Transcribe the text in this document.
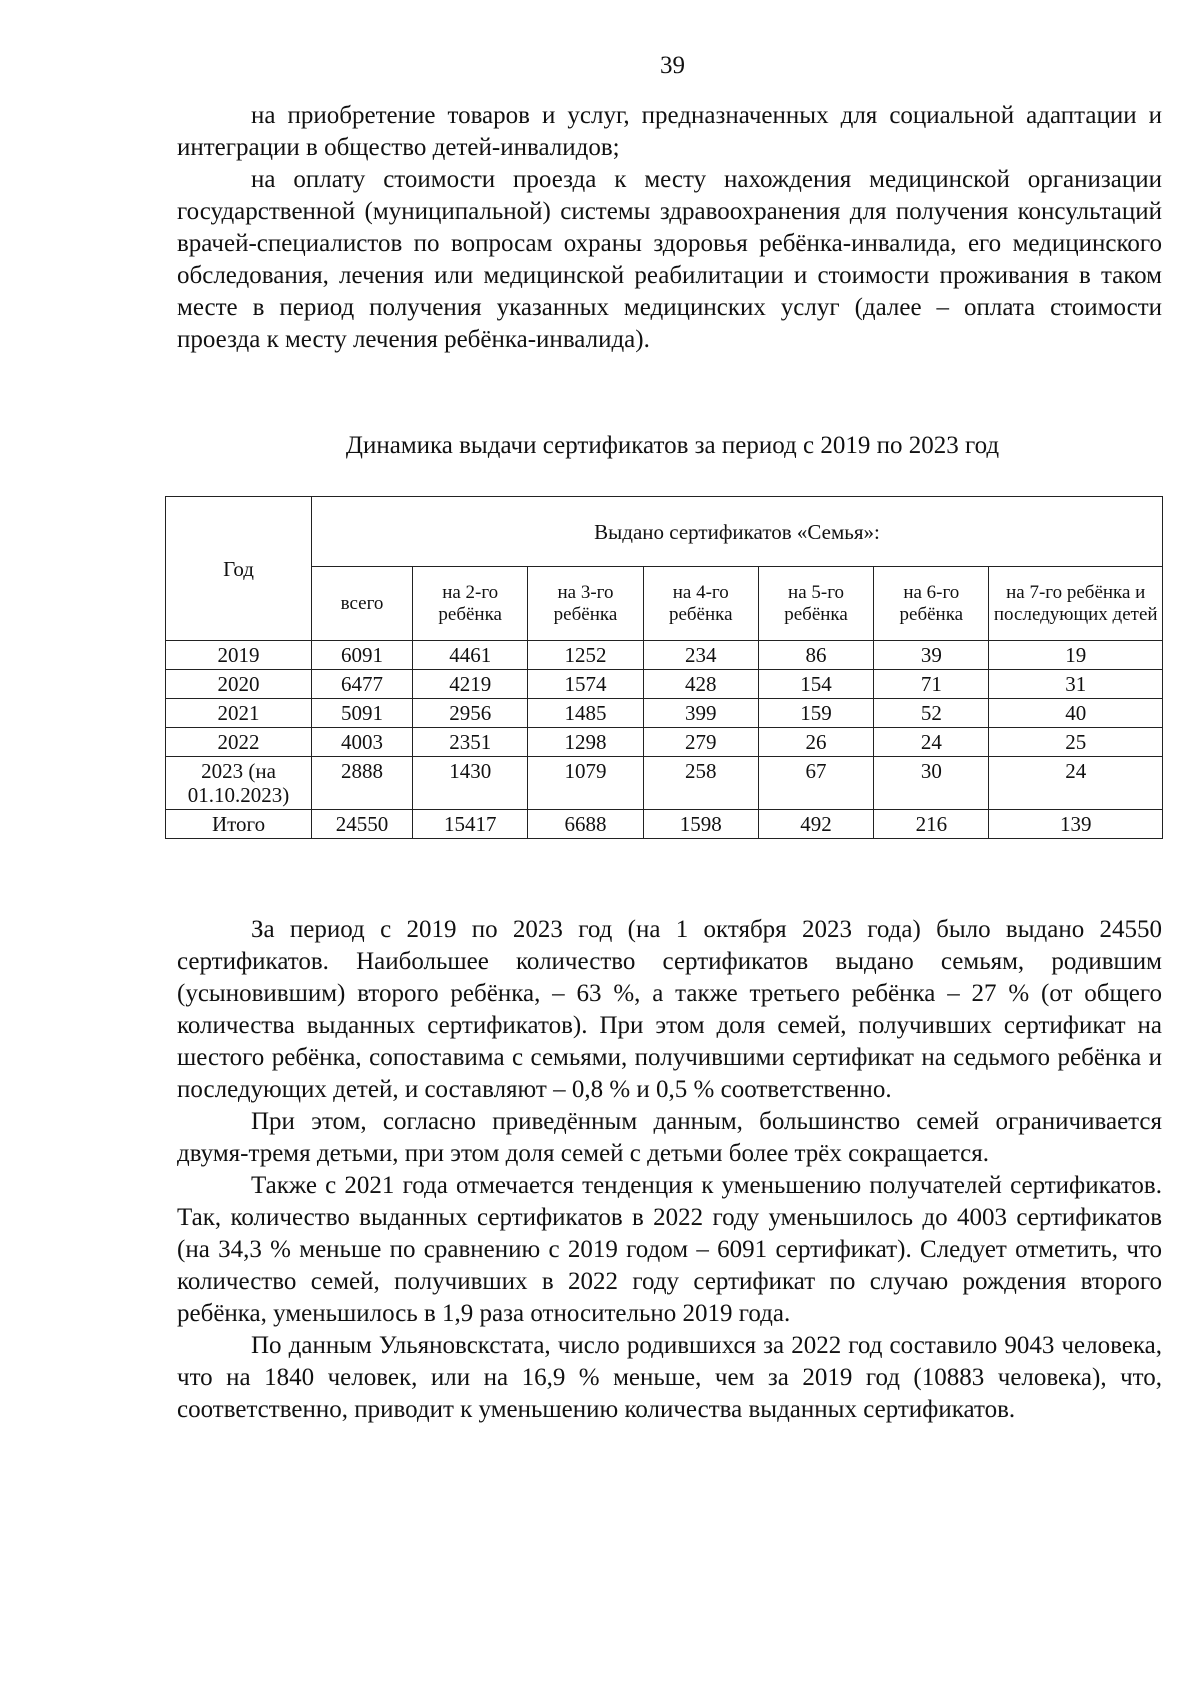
39

на приобретение товаров и услуг, предназначенных для социальной адаптации и интеграции в общество детей-инвалидов;

на оплату стоимости проезда к месту нахождения медицинской организации государственной (муниципальной) системы здравоохранения для получения консультаций врачей-специалистов по вопросам охраны здоровья ребёнка-инвалида, его медицинского обследования, лечения или медицинской реабилитации и стоимости проживания в таком месте в период получения указанных медицинских услуг (далее – оплата стоимости проезда к месту лечения ребёнка-инвалида).

Динамика выдачи сертификатов за период с 2019 по 2023 год
Год	Выдано сертификатов «Семья»:						
	всего	на 2-го ребёнка	на 3-го ребёнка	на 4-го ребёнка	на 5-го ребёнка	на 6-го ребёнка	на 7-го ребёнка и последующих детей
2019	6091	4461	1252	234	86	39	19
2020	6477	4219	1574	428	154	71	31
2021	5091	2956	1485	399	159	52	40
2022	4003	2351	1298	279	26	24	25
2023 (на 01.10.2023)	2888	1430	1079	258	67	30	24
Итого	24550	15417	6688	1598	492	216	139

За период с 2019 по 2023 год (на 1 октября 2023 года) было выдано 24550 сертификатов. Наибольшее количество сертификатов выдано семьям, родившим (усыновившим) второго ребёнка, – 63 %, а также третьего ребёнка – 27 % (от общего количества выданных сертификатов). При этом доля семей, получивших сертификат на шестого ребёнка, сопоставима с семьями, получившими сертификат на седьмого ребёнка и последующих детей, и составляют – 0,8 % и 0,5 % соответственно.

При этом, согласно приведённым данным, большинство семей ограничивается двумя-тремя детьми, при этом доля семей с детьми более трёх сокращается.

Также с 2021 года отмечается тенденция к уменьшению получателей сертификатов. Так, количество выданных сертификатов в 2022 году уменьшилось до 4003 сертификатов (на 34,3 % меньше по сравнению с 2019 годом – 6091 сертификат). Следует отметить, что количество семей, получивших в 2022 году сертификат по случаю рождения второго ребёнка, уменьшилось в 1,9 раза относительно 2019 года.

По данным Ульяновскстата, число родившихся за 2022 год составило 9043 человека, что на 1840 человек, или на 16,9 % меньше, чем за 2019 год (10883 человека), что, соответственно, приводит к уменьшению количества выданных сертификатов.
